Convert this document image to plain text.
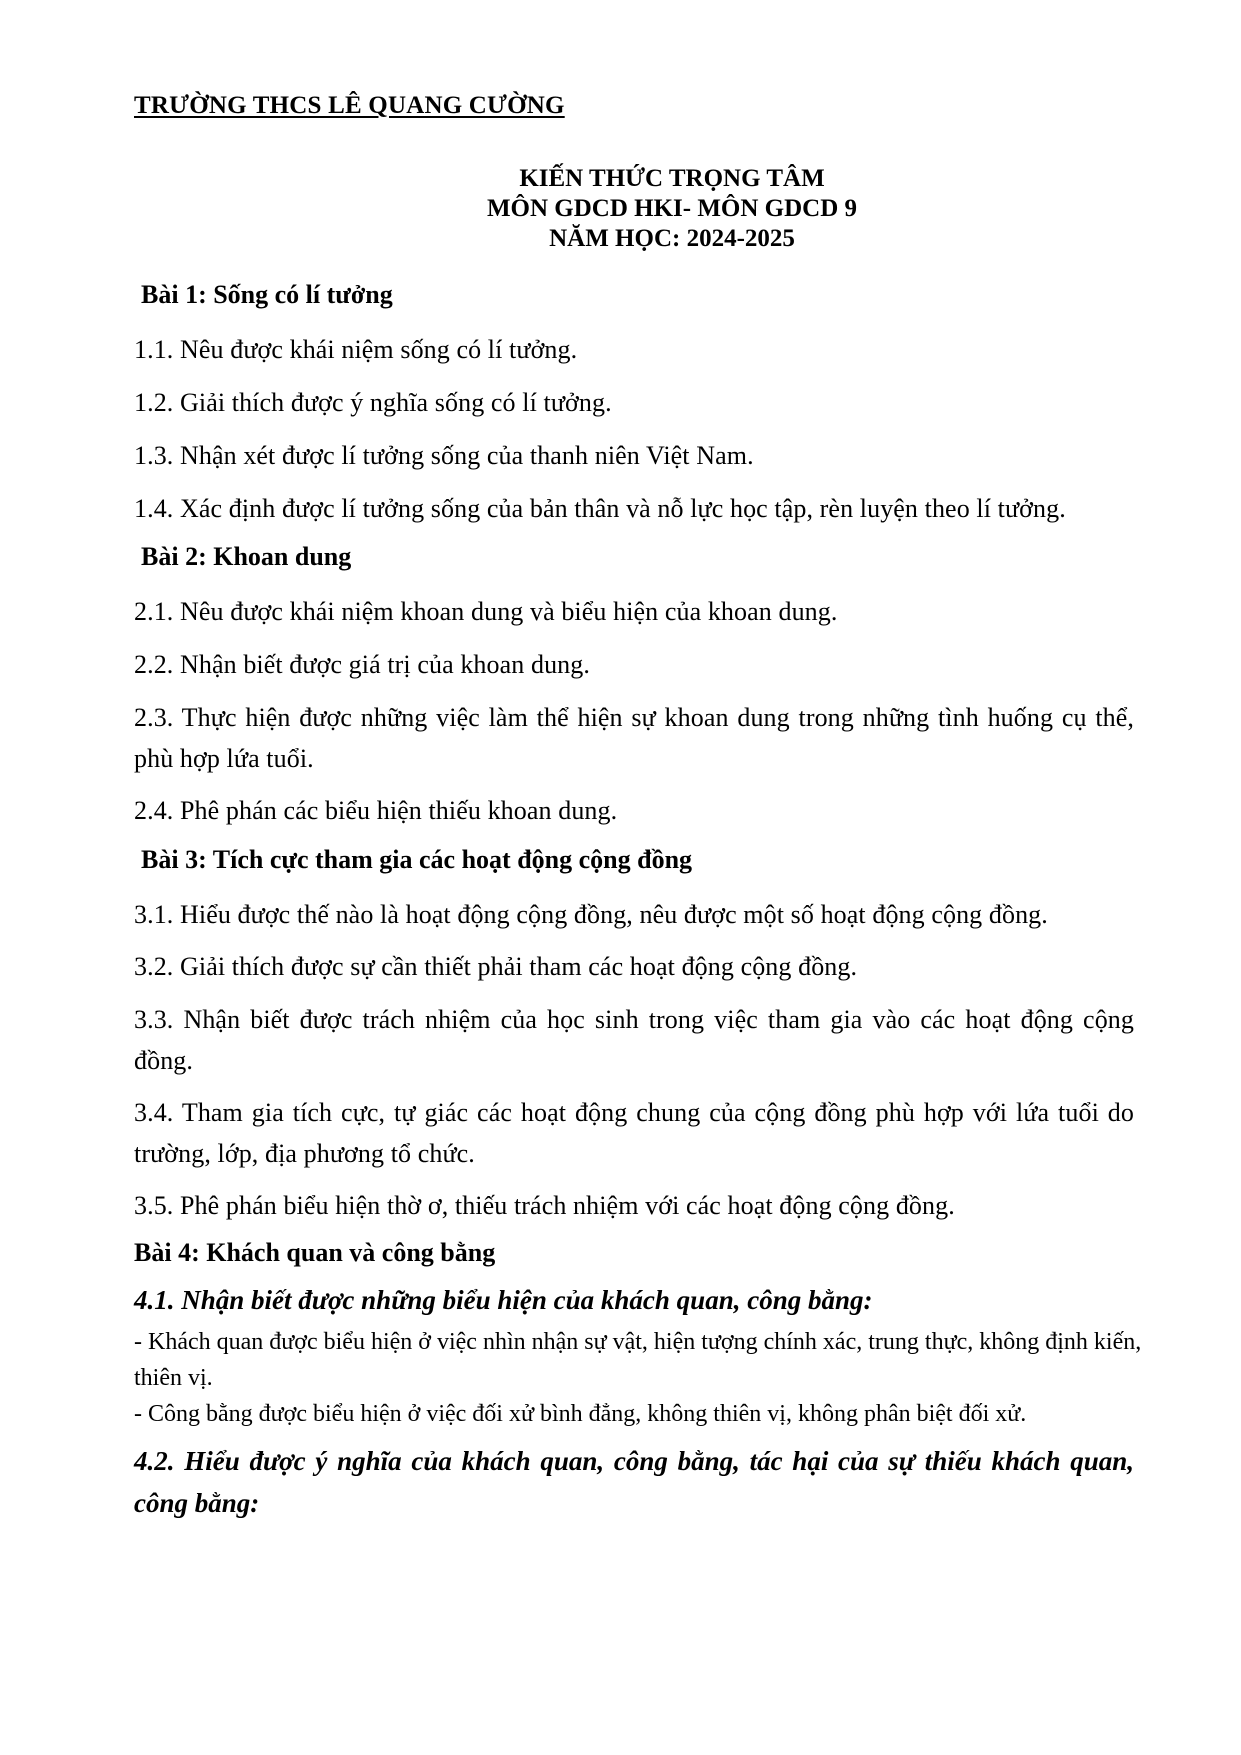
TRƯỜNG THCS LÊ QUANG CƯỜNG
KIẾN THỨC TRỌNG TÂM
MÔN GDCD HKI- MÔN GDCD 9
NĂM HỌC: 2024-2025
Bài 1: Sống có lí tưởng
1.1. Nêu được khái niệm sống có lí tưởng.
1.2. Giải thích được ý nghĩa sống có lí tưởng.
1.3. Nhận xét được lí tưởng sống của thanh niên Việt Nam.
1.4. Xác định được lí tưởng sống của bản thân và nỗ lực học tập, rèn luyện theo lí tưởng.
Bài 2: Khoan dung
2.1. Nêu được khái niệm khoan dung và biểu hiện của khoan dung.
2.2. Nhận biết được giá trị của khoan dung.
2.3. Thực hiện được những việc làm thể hiện sự khoan dung trong những tình huống cụ thể, phù hợp lứa tuổi.
2.4. Phê phán các biểu hiện thiếu khoan dung.
Bài 3: Tích cực tham gia các hoạt động cộng đồng
3.1. Hiểu được thế nào là hoạt động cộng đồng, nêu được một số hoạt động cộng đồng.
3.2. Giải thích được sự cần thiết phải tham các hoạt động cộng đồng.
3.3. Nhận biết được trách nhiệm của học sinh trong việc tham gia vào các hoạt động cộng đồng.
3.4. Tham gia tích cực, tự giác các hoạt động chung của cộng đồng phù hợp với lứa tuổi do trường, lớp, địa phương tổ chức.
3.5. Phê phán biểu hiện thờ ơ, thiếu trách nhiệm với các hoạt động cộng đồng.
Bài 4: Khách quan và công bằng
4.1. Nhận biết được những biểu hiện của khách quan, công bằng:
- Khách quan được biểu hiện ở việc nhìn nhận sự vật, hiện tượng chính xác, trung thực, không định kiến, thiên vị.
- Công bằng được biểu hiện ở việc đối xử bình đẳng, không thiên vị, không phân biệt đối xử.
4.2. Hiểu được ý nghĩa của khách quan, công bằng, tác hại của sự thiếu khách quan, công bằng:
